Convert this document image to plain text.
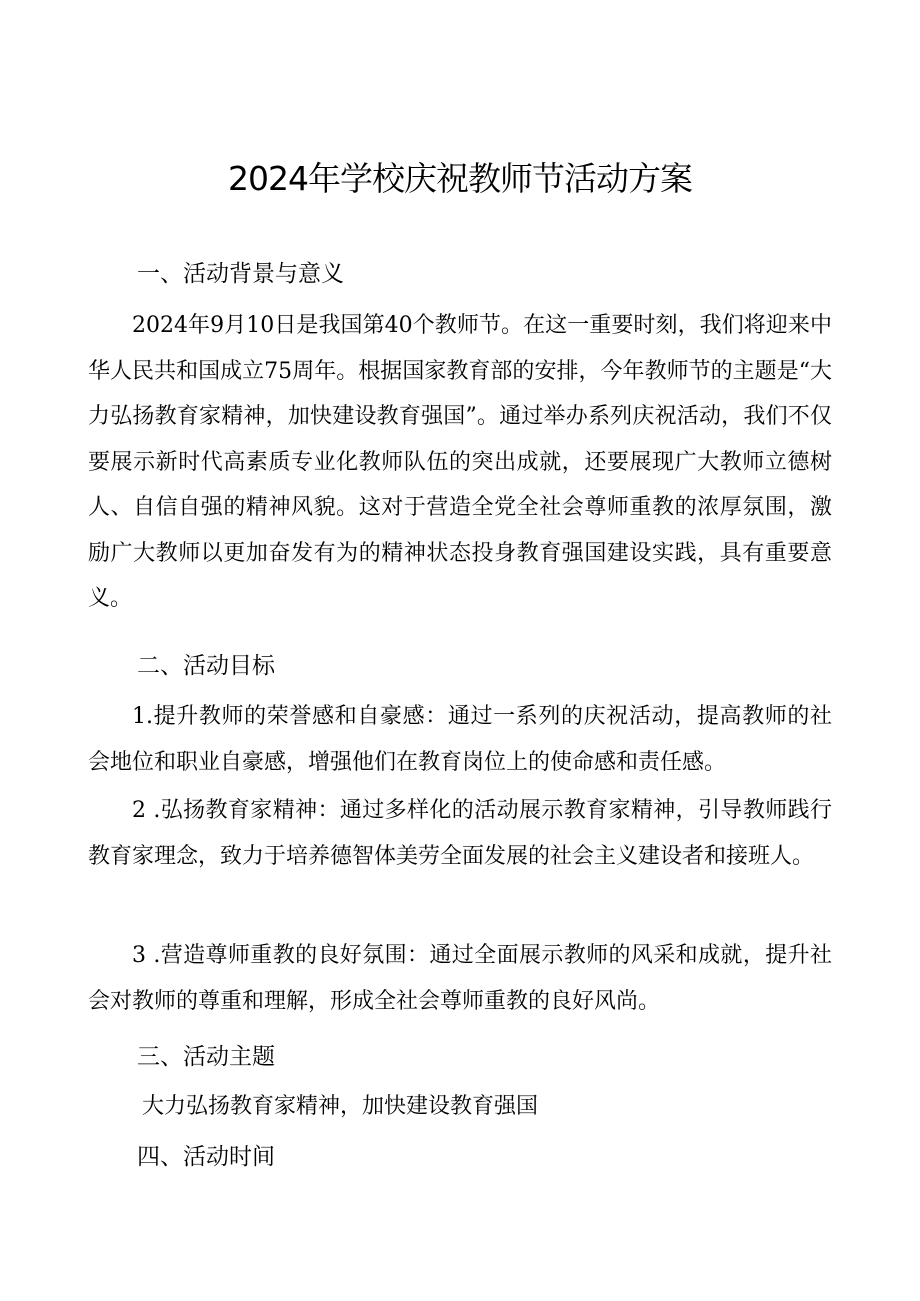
2024年学校庆祝教师节活动方案
一、活动背景与意义

2024年9月10日是我国第40个教师节。在这一重要时刻，我们将迎来中华人民共和国成立75周年。根据国家教育部的安排，今年教师节的主题是“大力弘扬教育家精神，加快建设教育强国”。通过举办系列庆祝活动，我们不仅要展示新时代高素质专业化教师队伍的突出成就，还要展现广大教师立德树人、自信自强的精神风貌。这对于营造全党全社会尊师重教的浓厚氛围，激励广大教师以更加奋发有为的精神状态投身教育强国建设实践，具有重要意义。

二、活动目标

1.提升教师的荣誉感和自豪感：通过一系列的庆祝活动，提高教师的社会地位和职业自豪感，增强他们在教育岗位上的使命感和责任感。

2 .弘扬教育家精神：通过多样化的活动展示教育家精神，引导教师践行教育家理念，致力于培养德智体美劳全面发展的社会主义建设者和接班人。

3 .营造尊师重教的良好氛围：通过全面展示教师的风采和成就，提升社会对教师的尊重和理解，形成全社会尊师重教的良好风尚。

三、活动主题
大力弘扬教育家精神，加快建设教育强国
四、活动时间
